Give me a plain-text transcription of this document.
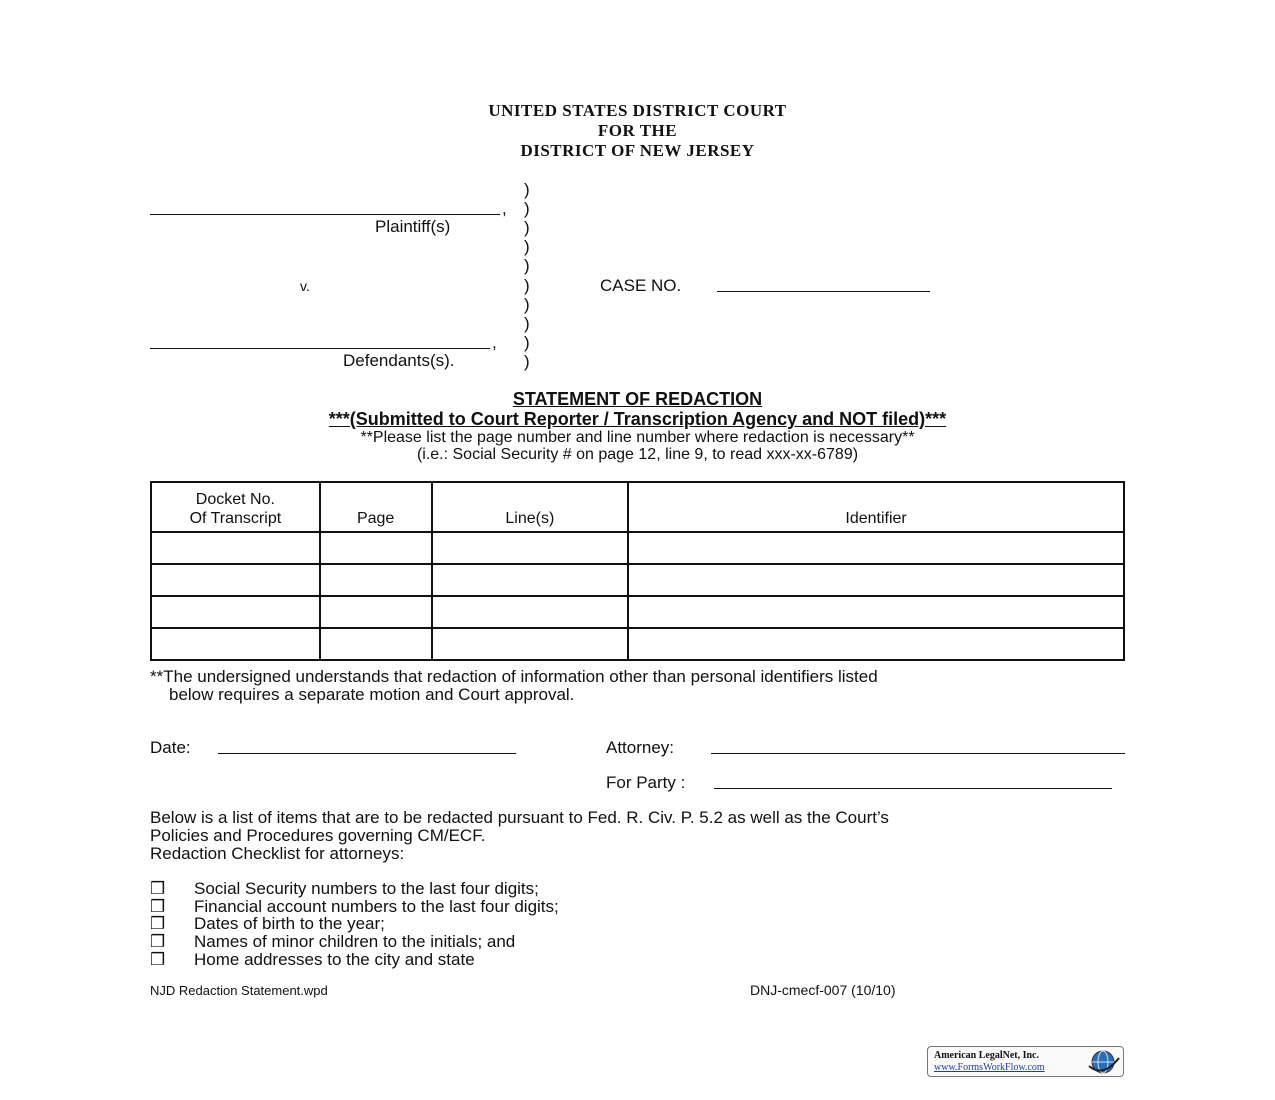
UNITED STATES DISTRICT COURT
FOR THE
DISTRICT OF NEW JERSEY
)
)
)
)
)
)
)
)
)
)
,
Plaintiff(s)
v.	CASE NO.
,
Defendants(s).
STATEMENT OF REDACTION
***(Submitted to Court Reporter / Transcription Agency and NOT filed)***
**Please list the page number and line number where redaction is necessary**
(i.e.: Social Security # on page 12, line 9, to read xxx-xx-6789)
Docket No.
Of Transcript	Page	Line(s)	Identifier

**The undersigned understands that redaction of information other than personal identifiers listed
below requires a separate motion and Court approval.
Date:	Attorney:
For Party :
Below is a list of items that are to be redacted pursuant to Fed. R. Civ. P. 5.2 as well as the Court’s
Policies and Procedures governing CM/ECF.
Redaction Checklist for attorneys:
❒ Social Security numbers to the last four digits;
❒ Financial account numbers to the last four digits;
❒ Dates of birth to the year;
❒ Names of minor children to the initials; and
❒ Home addresses to the city and state
NJD Redaction Statement.wpd	DNJ-cmecf-007 (10/10)
American LegalNet, Inc.
www.FormsWorkFlow.com
